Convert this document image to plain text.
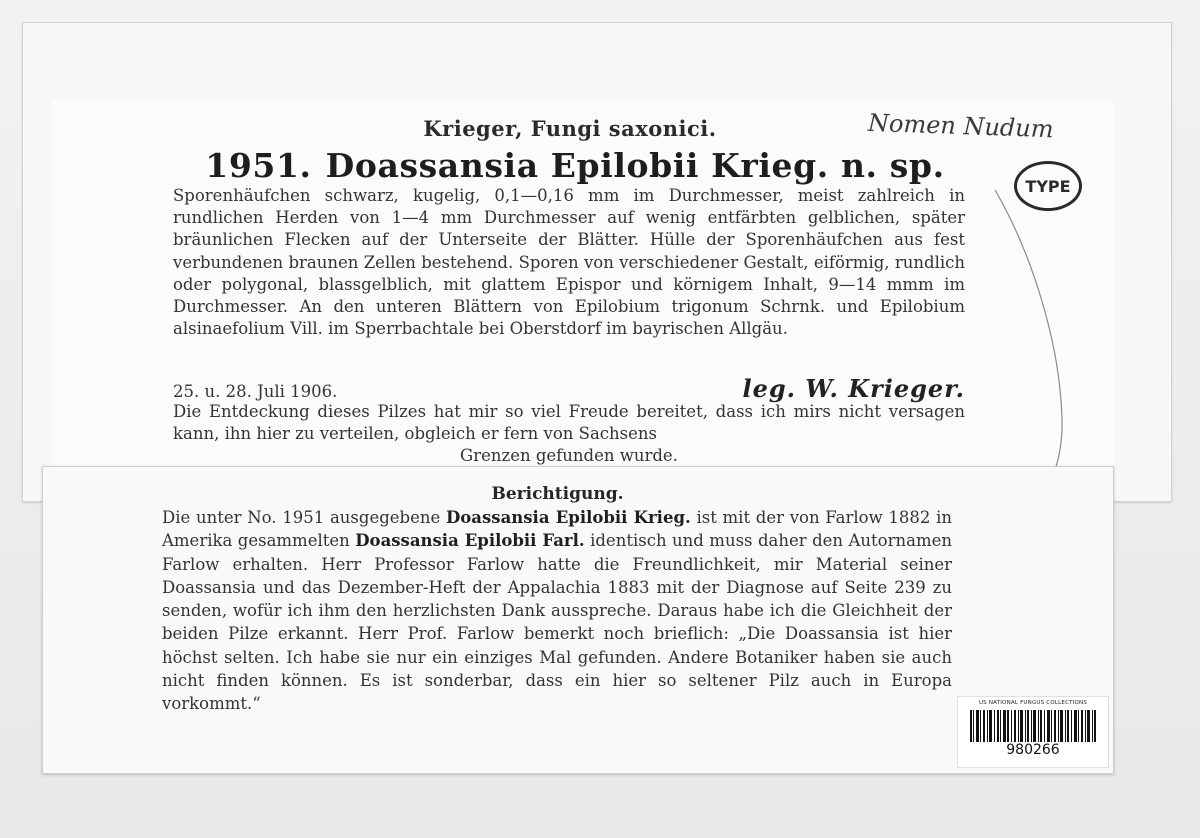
Krieger, Fungi saxonici.
1951. Doassansia Epilobii Krieg. n. sp.

Sporenhäufchen schwarz, kugelig, 0,1—0,16 mm im Durchmesser, meist zahlreich in rundlichen Herden von 1—4 mm Durchmesser auf wenig entfärbten gelblichen, später bräunlichen Flecken auf der Unterseite der Blätter. Hülle der Sporenhäufchen aus fest verbundenen braunen Zellen bestehend. Sporen von verschiedener Gestalt, eiförmig, rundlich oder polygonal, blassgelblich, mit glattem Epispor und körnigem Inhalt, 9—14 mmm im Durchmesser. An den unteren Blättern von Epilobium trigonum Schrnk. und Epilobium alsinaefolium Vill. im Sperrbachtale bei Oberstdorf im bayrischen Allgäu.

25. u. 28. Juli 1906.	leg. W. Krieger.
Die Entdeckung dieses Pilzes hat mir so viel Freude bereitet, dass ich mirs nicht versagen kann, ihn hier zu verteilen, obgleich er fern von Sachsens
Grenzen gefunden wurde.
Nomen Nudum
TYPE
Berichtigung.

Die unter No. 1951 ausgegebene Doassansia Epilobii Krieg. ist mit der von Farlow 1882 in Amerika gesammelten Doassansia Epilobii Farl. identisch und muss daher den Autornamen Farlow erhalten. Herr Professor Farlow hatte die Freundlichkeit, mir Material seiner Doassansia und das Dezember-Heft der Appalachia 1883 mit der Diagnose auf Seite 239 zu senden, wofür ich ihm den herzlichsten Dank ausspreche. Daraus habe ich die Gleichheit der beiden Pilze erkannt. Herr Prof. Farlow bemerkt noch brieflich: „Die Doassansia ist hier höchst selten. Ich habe sie nur ein einziges Mal gefunden. Andere Botaniker haben sie auch nicht finden können. Es ist sonderbar, dass ein hier so seltener Pilz auch in Europa vorkommt.“	US NATIONAL FUNGUS COLLECTIONS
980266
